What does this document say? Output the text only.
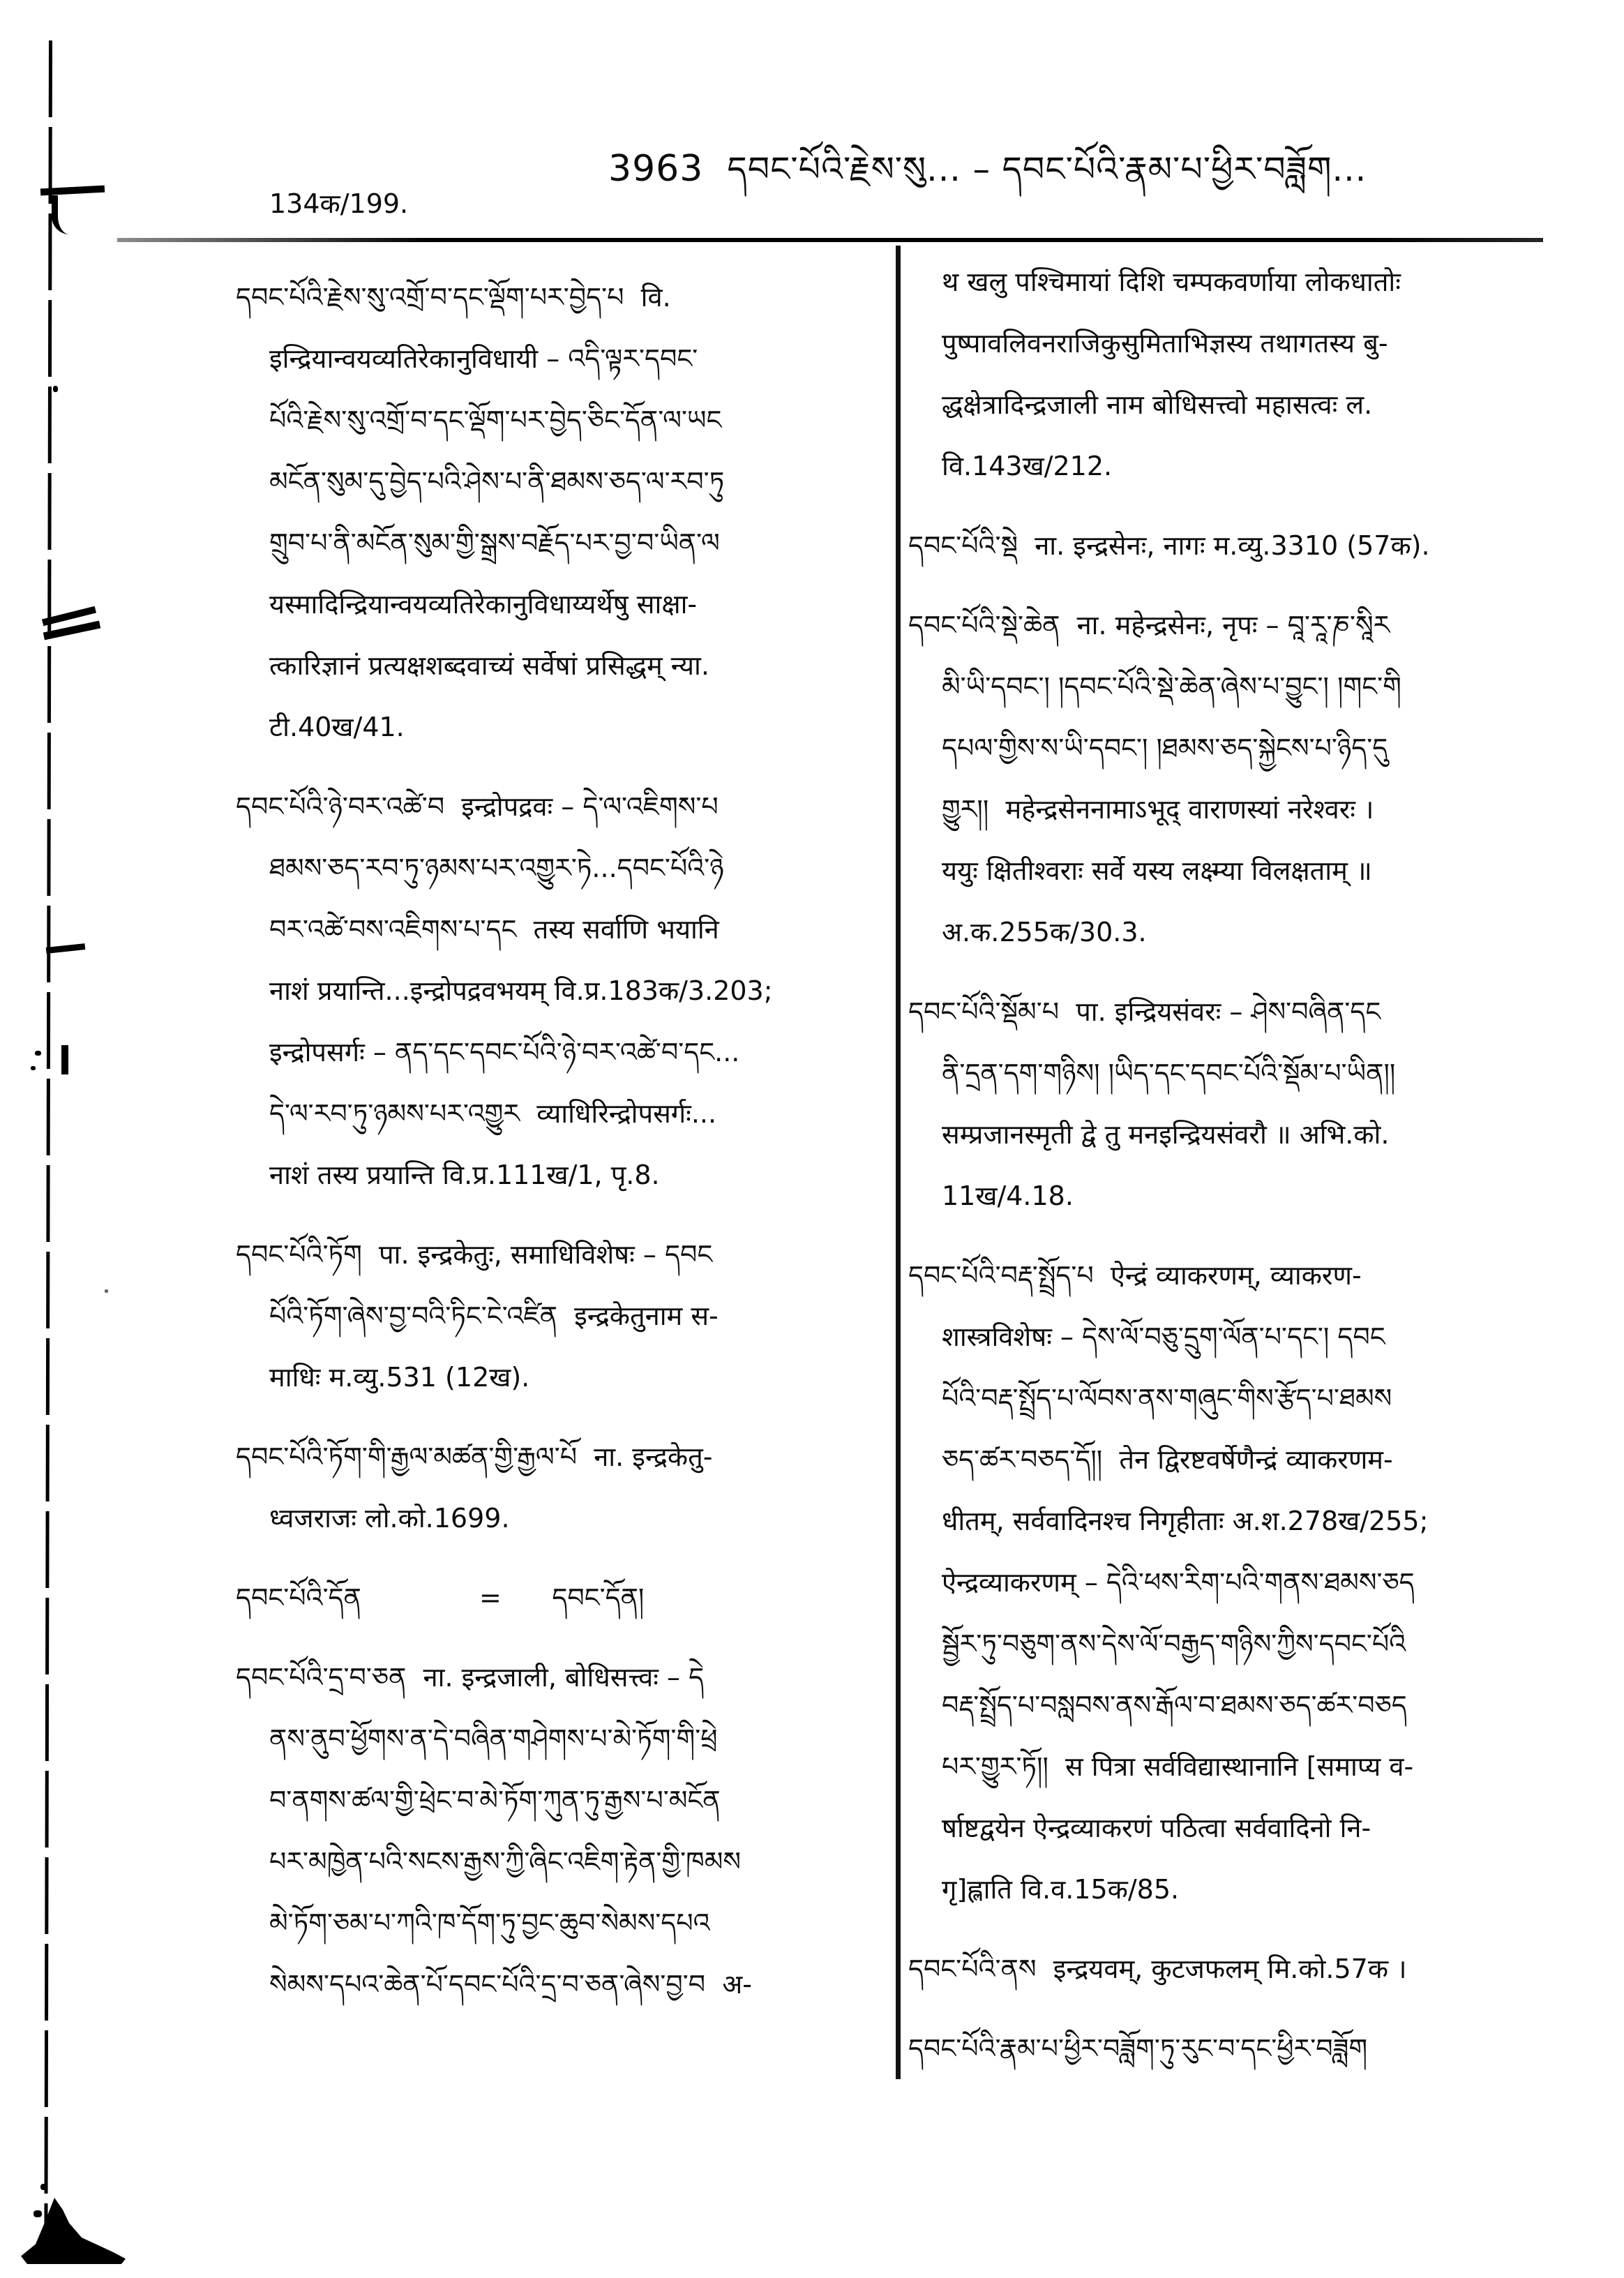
3963 དབང་པོའི་རྗེས་སུ... – དབང་པོའི་རྣམ་པ་ཕྱིར་བཟློག...
134क/199.
དབང་པོའི་རྗེས་སུ་འགྲོ་བ་དང་ལྡོག་པར་བྱེད་པ  वि.
इन्द्रियान्वयव्यतिरेकानुविधायी – འདི་ལྟར་དབང་
པོའི་རྗེས་སུ་འགྲོ་བ་དང་ལྡོག་པར་བྱེད་ཅིང་དོན་ལ་ཡང
མངོན་སུམ་དུ་བྱེད་པའི་ཤེས་པ་ནི་ཐམས་ཅད་ལ་རབ་ཏུ
གྲུབ་པ་ནི་མངོན་སུམ་གྱི་སྒྲས་བརྗོད་པར་བྱ་བ་ཡིན་ལ
यस्मादिन्द्रियान्वयव्यतिरेकानुविधाय्यर्थेषु साक्षा-
त्कारिज्ञानं प्रत्यक्षशब्दवाच्यं सर्वेषां प्रसिद्धम् न्या.
टी.40ख/41.
དབང་པོའི་ཉེ་བར་འཚེ་བ  इन्द्रोपद्रवः – དེ་ལ་འཇིགས་པ
ཐམས་ཅད་རབ་ཏུ་ཉམས་པར་འགྱུར་ཏེ...དབང་པོའི་ཉེ
བར་འཚེ་བས་འཇིགས་པ་དང  तस्य सर्वाणि भयानि
नाशं प्रयान्ति...इन्द्रोपद्रवभयम् वि.प्र.183क/3.203;
इन्द्रोपसर्गः – ནད་དང་དབང་པོའི་ཉེ་བར་འཚེ་བ་དང...
དེ་ལ་རབ་ཏུ་ཉམས་པར་འགྱུར  व्याधिरिन्द्रोपसर्गः...
नाशं तस्य प्रयान्ति वि.प्र.111ख/1, पृ.8.
དབང་པོའི་ཏོག  पा. इन्द्रकेतुः, समाधिविशेषः – དབང
པོའི་ཏོག་ཞེས་བྱ་བའི་ཏིང་ངེ་འཛིན  इन्द्रकेतुनाम स-
माधिः म.व्यु.531 (12ख).
དབང་པོའི་ཏོག་གི་རྒྱལ་མཚན་གྱི་རྒྱལ་པོ  ना. इन्द्रकेतु-
ध्वजराजः लो.को.1699.
དབང་པོའི་དོན              =      དབང་དོན།
དབང་པོའི་དྲ་བ་ཅན  ना. इन्द्रजाली, बोधिसत्त्वः – དེ
ནས་ནུབ་ཕྱོགས་ན་དེ་བཞིན་གཤེགས་པ་མེ་ཏོག་གི་ཕྲེ
བ་ནགས་ཚལ་གྱི་ཕྲེང་བ་མེ་ཏོག་ཀུན་ཏུ་རྒྱས་པ་མངོན
པར་མཁྱེན་པའི་སངས་རྒྱས་ཀྱི་ཞིང་འཇིག་རྟེན་གྱི་ཁམས
མེ་ཏོག་ཅམ་པ་ཀའི་ཁ་དོག་ཏུ་བྱང་ཆུབ་སེམས་དཔའ
སེམས་དཔའ་ཆེན་པོ་དབང་པོའི་དྲ་བ་ཅན་ཞེས་བྱ་བ  अ-
थ खलु पश्चिमायां दिशि चम्पकवर्णाया लोकधातोः
पुष्पावलिवनराजिकुसुमिताभिज्ञस्य तथागतस्य बु-
द्धक्षेत्रादिन्द्रजाली नाम बोधिसत्त्वो महासत्वः ल.
वि.143ख/212.
དབང་པོའི་སྡེ  ना. इन्द्रसेनः, नागः म.व्यु.3310 (57क).
དབང་པོའི་སྡེ་ཆེན  ना. महेन्द्रसेनः, नृपः – བཱ་རཱ་ཎ་སཱིར
མི་ཡི་དབང་། །དབང་པོའི་སྡེ་ཆེན་ཞེས་པ་བྱུང་། །གང་གི
དཔལ་གྱིས་ས་ཡི་དབང་། །ཐམས་ཅད་སྐྱེངས་པ་ཉིད་དུ
གྱུར།།  महेन्द्रसेननामाऽभूद् वाराणस्यां नरेश्वरः ।
ययुः क्षितीश्वराः सर्वे यस्य लक्ष्म्या विलक्षताम् ॥
अ.क.255क/30.3.
དབང་པོའི་སྡོམ་པ  पा. इन्द्रियसंवरः – ཤེས་བཞིན་དང
ནི་དྲན་དག་གཉིས། །ཡིད་དང་དབང་པོའི་སྡོམ་པ་ཡིན།།
सम्प्रजानस्मृती द्वे तु मनइन्द्रियसंवरौ ॥ अभि.को.
11ख/4.18.
དབང་པོའི་བརྡ་སྤྲོད་པ  ऐन्द्रं व्याकरणम्, व्याकरण-
शास्त्रविशेषः – དེས་ལོ་བཅུ་དྲུག་ལོན་པ་དང་། དབང
པོའི་བརྡ་སྤྲོད་པ་ལོབས་ནས་གཞུང་གིས་རྩོད་པ་ཐམས
ཅད་ཚར་བཅད་དོ།།  तेन द्विरष्टवर्षेणैन्द्रं व्याकरणम-
धीतम्, सर्ववादिनश्च निगृहीताः अ.श.278ख/255;
ऐन्द्रव्याकरणम् – དེའི་ཕས་རིག་པའི་གནས་ཐམས་ཅད
སྦྱོར་ཏུ་བཅུག་ནས་དེས་ལོ་བརྒྱད་གཉིས་ཀྱིས་དབང་པོའི
བརྡ་སྤྲོད་པ་བསླབས་ནས་རྒོལ་བ་ཐམས་ཅད་ཚར་བཅད
པར་གྱུར་ཏོ།།  स पित्रा सर्वविद्यास्थानानि [समाप्य व-
र्षाष्टद्वयेन ऐन्द्रव्याकरणं पठित्वा सर्ववादिनो नि-
गृ]ह्लाति वि.व.15क/85.
དབང་པོའི་ནས  इन्द्रयवम्, कुटजफलम् मि.को.57क ।
དབང་པོའི་རྣམ་པ་ཕྱིར་བཟློག་ཏུ་རུང་བ་དང་ཕྱིར་བཟློག
